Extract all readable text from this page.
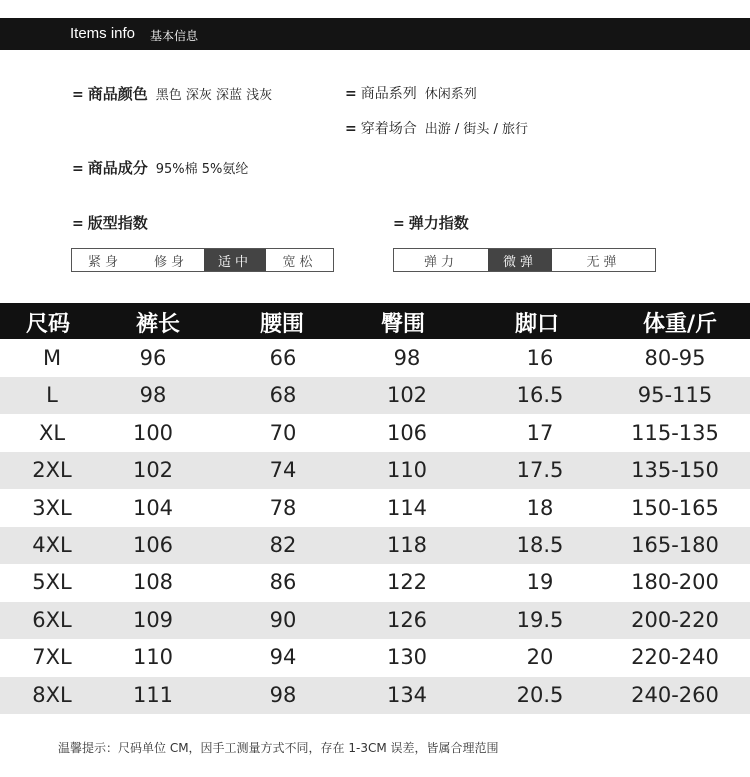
Items info 基本信息
= 商品颜色 黑色 深灰 深蓝 浅灰	= 商品系列 休闲系列
= 穿着场合 出游 / 街头 / 旅行
= 商品成分 95%棉 5%氨纶
= 版型指数
紧身	修身	适中	宽松
= 弹力指数
弹力	微弹	无弹
尺码	裤长	腰围	臀围	脚口	体重/斤
M	96	66	98	16	80-95
L	98	68	102	16.5	95-115
XL	100	70	106	17	115-135
2XL	102	74	110	17.5	135-150
3XL	104	78	114	18	150-165
4XL	106	82	118	18.5	165-180
5XL	108	86	122	19	180-200
6XL	109	90	126	19.5	200-220
7XL	110	94	130	20	220-240
8XL	111	98	134	20.5	240-260
温馨提示：尺码单位 CM，因手工测量方式不同，存在 1-3CM 误差，皆属合理范围
